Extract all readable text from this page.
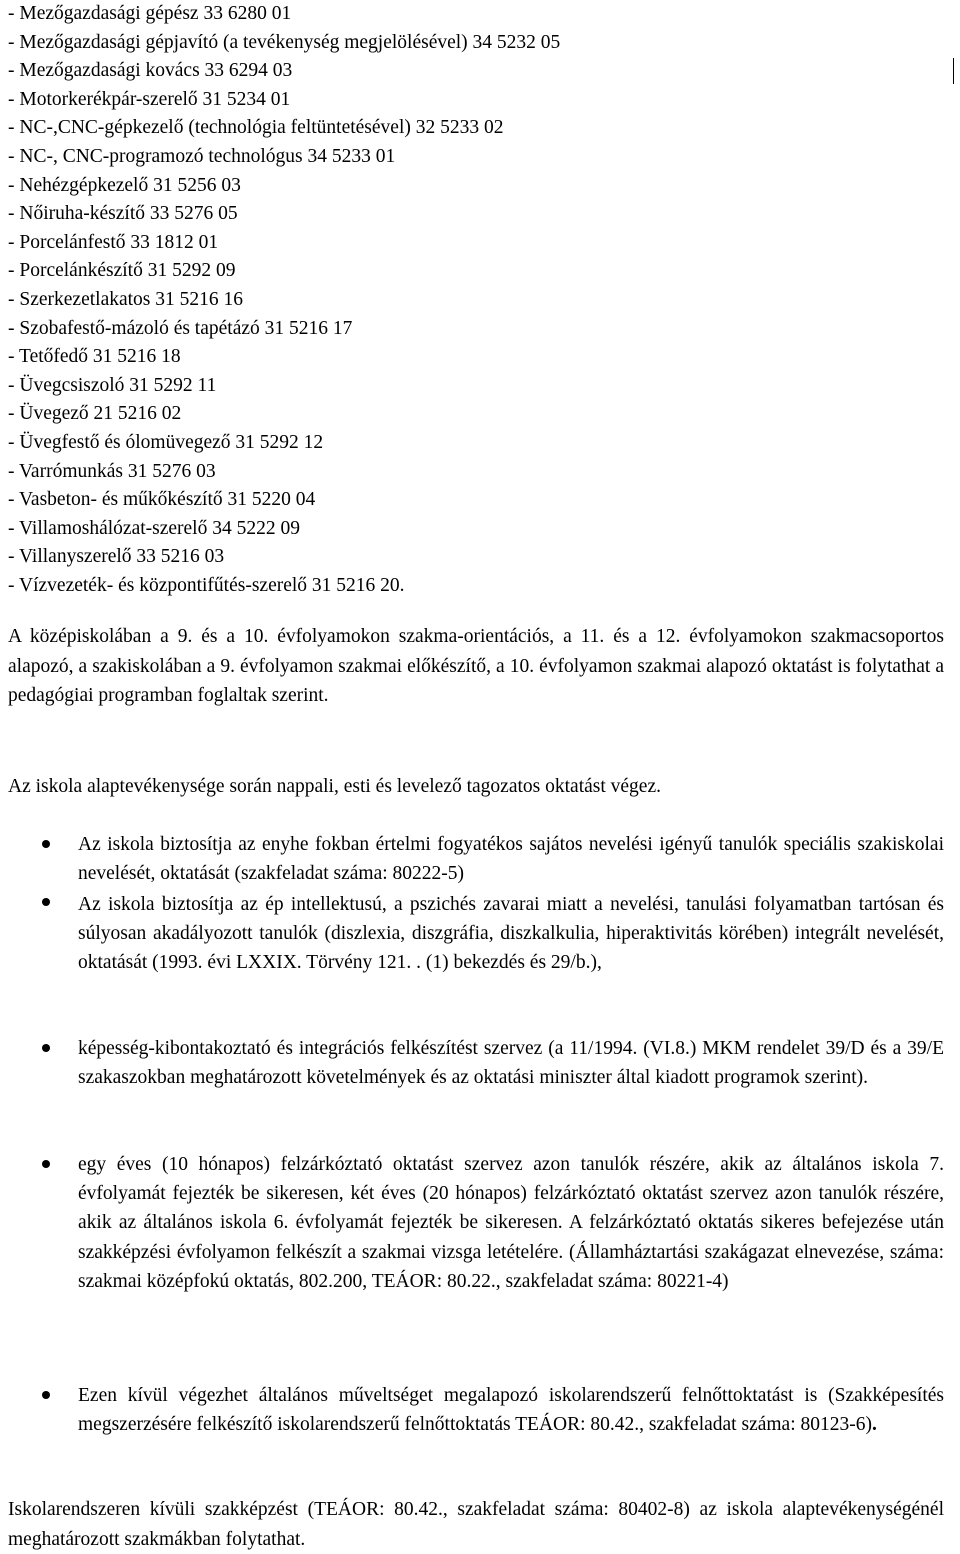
- Mezőgazdasági gépész 33 6280 01
- Mezőgazdasági gépjavító (a tevékenység megjelölésével) 34 5232 05
- Mezőgazdasági kovács 33 6294 03
- Motorkerékpár-szerelő 31 5234 01
- NC-,CNC-gépkezelő (technológia feltüntetésével) 32 5233 02
- NC-, CNC-programozó technológus 34 5233 01
- Nehézgépkezelő 31 5256 03
- Nőiruha-készítő 33 5276 05
- Porcelánfestő 33 1812 01
- Porcelánkészítő 31 5292 09
- Szerkezetlakatos 31 5216 16
- Szobafestő-mázoló és tapétázó 31 5216 17
- Tetőfedő 31 5216 18
- Üvegcsiszoló 31 5292 11
- Üvegező 21 5216 02
- Üvegfestő és ólomüvegező 31 5292 12
- Varrómunkás 31 5276 03
- Vasbeton- és műkőkészítő 31 5220 04
- Villamoshálózat-szerelő 34 5222 09
- Villanyszerelő 33 5216 03
- Vízvezeték- és központifűtés-szerelő 31 5216 20.

A középiskolában a 9. és a 10. évfolyamokon szakma-orientációs, a 11. és a 12. évfolyamokon szakmacsoportos alapozó, a szakiskolában a 9. évfolyamon szakmai előkészítő, a 10. évfolyamon szakmai alapozó oktatást is folytathat a pedagógiai programban foglaltak szerint.

Az iskola alaptevékenysége során nappali, esti és levelező tagozatos oktatást végez.

Az iskola biztosítja az enyhe fokban értelmi fogyatékos sajátos nevelési igényű tanulók speciális szakiskolai nevelését, oktatását (szakfeladat száma: 80222-5)
Az iskola biztosítja az ép intellektusú, a pszichés zavarai miatt a nevelési, tanulási folyamatban tartósan és súlyosan akadályozott tanulók (diszlexia, diszgráfia, diszkalkulia, hiperaktivitás körében) integrált nevelését, oktatását (1993. évi LXXIX. Törvény 121. . (1) bekezdés és 29/b.),
képesség-kibontakoztató és integrációs felkészítést szervez (a 11/1994. (VI.8.) MKM rendelet 39/D és a 39/E szakaszokban meghatározott követelmények és az oktatási miniszter által kiadott programok szerint).
egy éves (10 hónapos) felzárkóztató oktatást szervez azon tanulók részére, akik az általános iskola 7. évfolyamát fejezték be sikeresen, két éves (20 hónapos) felzárkóztató oktatást szervez azon tanulók részére, akik az általános iskola 6. évfolyamát fejezték be sikeresen. A felzárkóztató oktatás sikeres befejezése után szakképzési évfolyamon felkészít a szakmai vizsga letételére. (Államháztartási szakágazat elnevezése, száma: szakmai középfokú oktatás, 802.200, TEÁOR: 80.22., szakfeladat száma: 80221-4)
Ezen kívül végezhet általános műveltséget megalapozó iskolarendszerű felnőttoktatást is (Szakképesítés megszerzésére felkészítő iskolarendszerű felnőttoktatás TEÁOR: 80.42., szakfeladat száma: 80123-6).

Iskolarendszeren kívüli szakképzést (TEÁOR: 80.42., szakfeladat száma: 80402-8) az iskola alaptevékenységénél meghatározott szakmákban folytathat.
